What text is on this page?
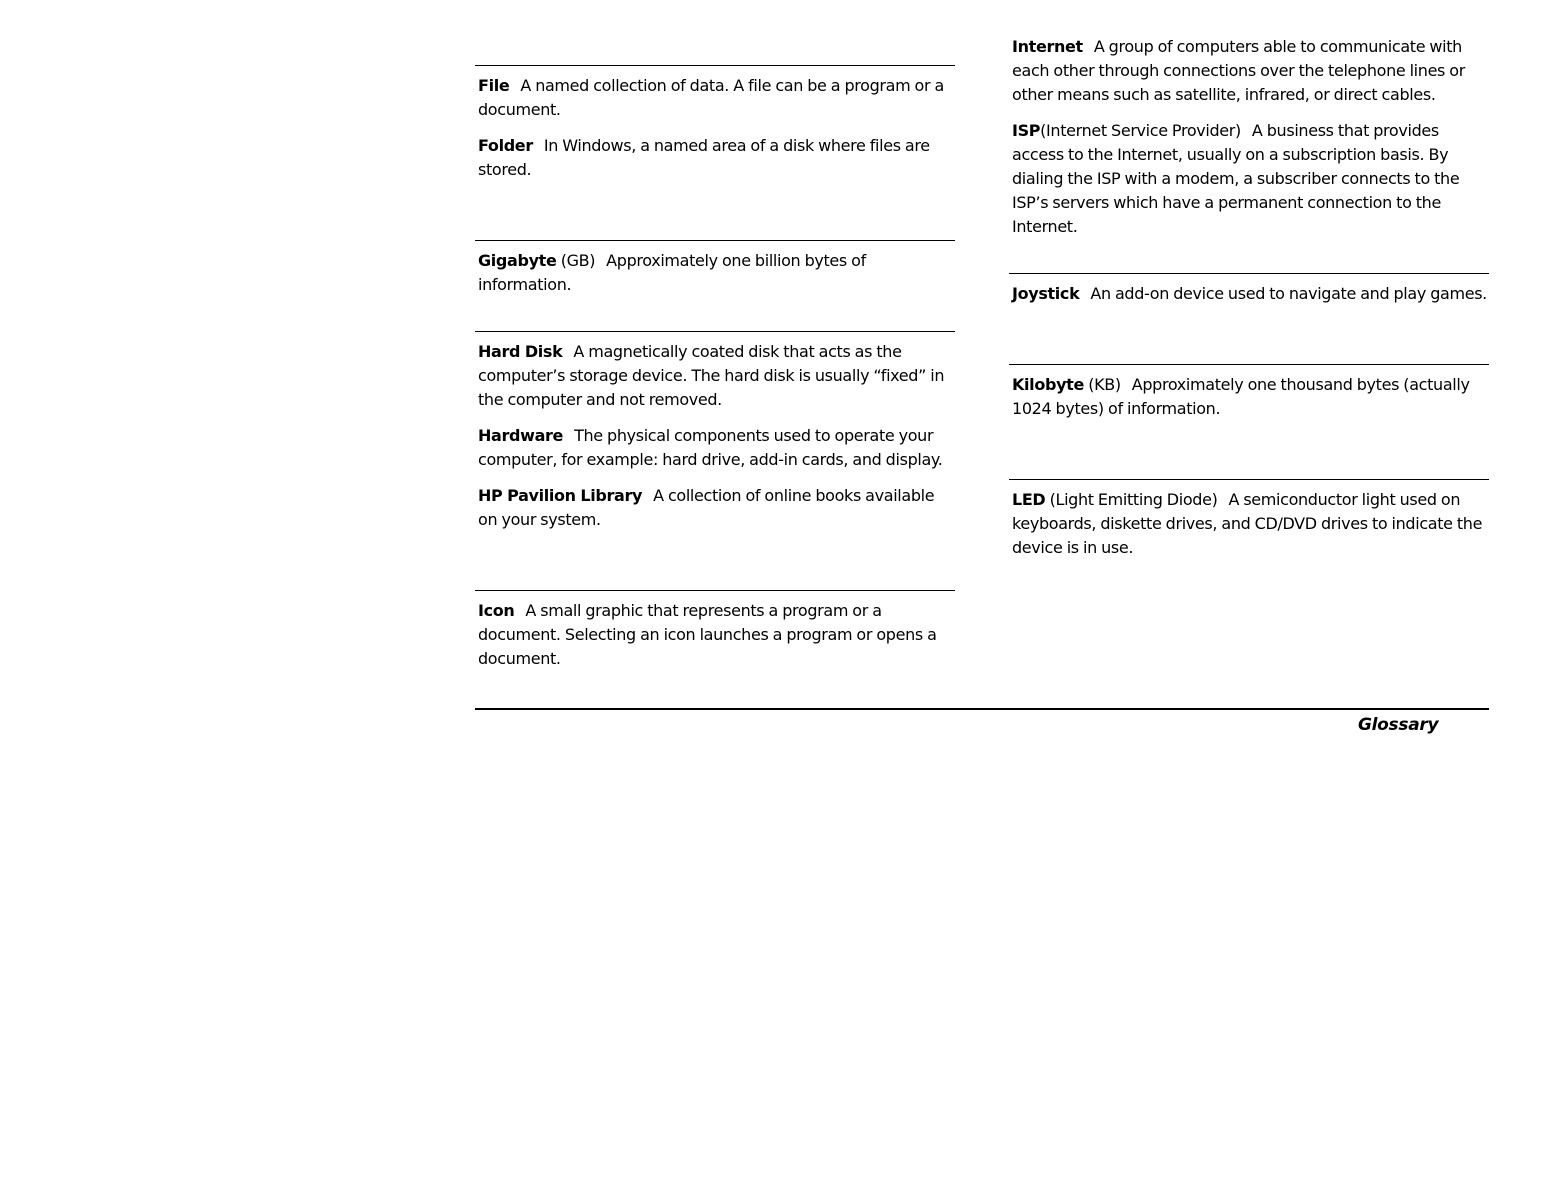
File A named collection of data. A file can be a program or a document.
Folder In Windows, a named area of a disk where files are stored.
Gigabyte (GB) Approximately one billion bytes of information.
Hard Disk A magnetically coated disk that acts as the computer’s storage device. The hard disk is usually “fixed” in the computer and not removed.
Hardware The physical components used to operate your computer, for example: hard drive, add-in cards, and display.
HP Pavilion Library A collection of online books available on your system.
Icon A small graphic that represents a program or a document. Selecting an icon launches a program or opens a document.
Internet A group of computers able to communicate with each other through connections over the telephone lines or other means such as satellite, infrared, or direct cables.
ISP(Internet Service Provider) A business that provides access to the Internet, usually on a subscription basis. By dialing the ISP with a modem, a subscriber connects to the ISP’s servers which have a permanent connection to the Internet.
Joystick An add-on device used to navigate and play games.
Kilobyte (KB) Approximately one thousand bytes (actually 1024 bytes) of information.
LED (Light Emitting Diode) A semiconductor light used on keyboards, diskette drives, and CD/DVD drives to indicate the device is in use.
Glossary
